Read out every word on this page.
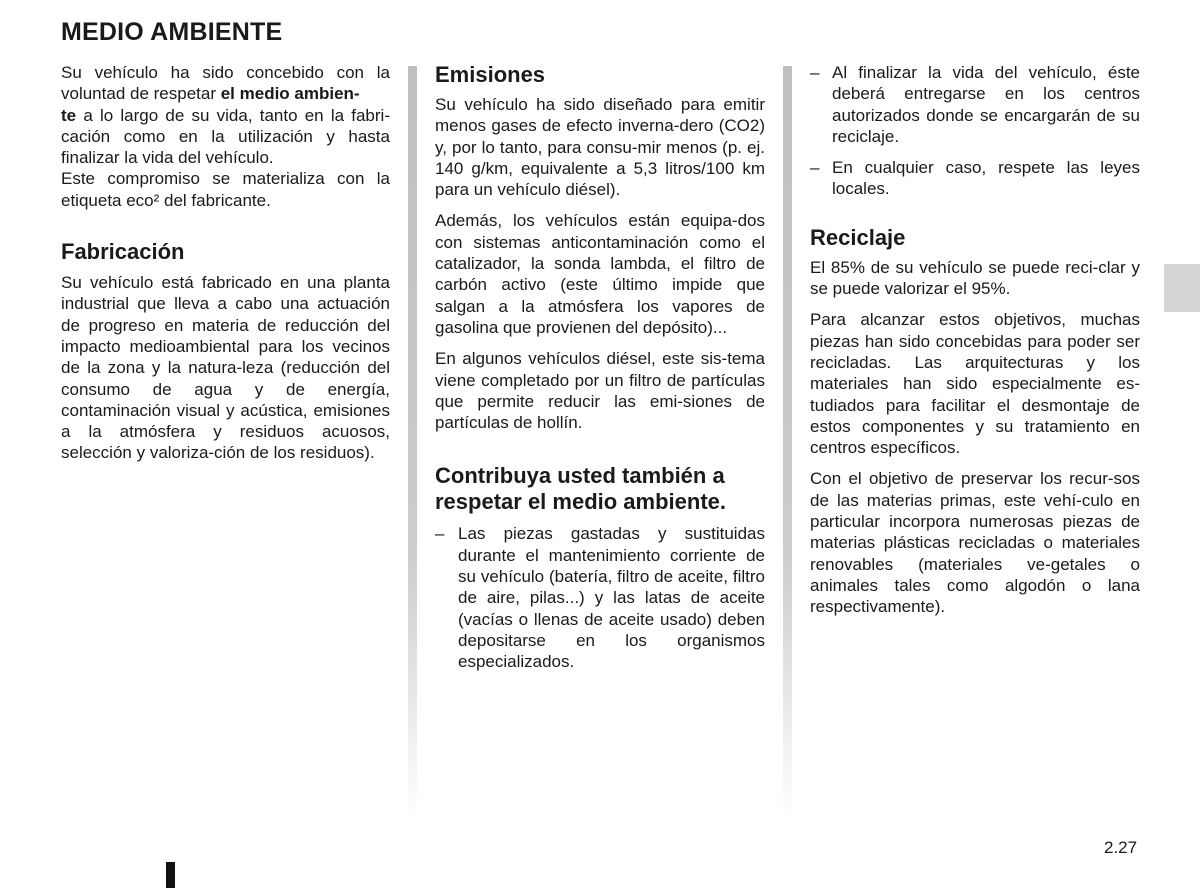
MEDIO AMBIENTE

Su vehículo ha sido concebido con la voluntad de respetar el medio ambien-
te a lo largo de su vida, tanto en la fabri-cación como en la utilización y hasta finalizar la vida del vehículo.

Este compromiso se materializa con la etiqueta eco² del fabricante.

Fabricación

Su vehículo está fabricado en una planta industrial que lleva a cabo una actuación de progreso en materia de reducción del impacto medioambiental para los vecinos de la zona y la natura-leza (reducción del consumo de agua y de energía, contaminación visual y acústica, emisiones a la atmósfera y residuos acuosos, selección y valoriza-ción de los residuos).

Emisiones

Su vehículo ha sido diseñado para emitir menos gases de efecto inverna-dero (CO2) y, por lo tanto, para consu-mir menos (p. ej. 140 g/km, equivalente a 5,3 litros/100 km para un vehículo diésel).

Además, los vehículos están equipa-dos con sistemas anticontaminación como el catalizador, la sonda lambda, el filtro de carbón activo (este último impide que salgan a la atmósfera los vapores de gasolina que provienen del depósito)...

En algunos vehículos diésel, este sis-tema viene completado por un filtro de partículas que permite reducir las emi-siones de partículas de hollín.

Contribuya usted también a
respetar el medio ambiente.
– Las piezas gastadas y sustituidas durante el mantenimiento corriente de su vehículo (batería, filtro de aceite, filtro de aire, pilas...) y las latas de aceite (vacías o llenas de aceite usado) deben depositarse en los organismos especializados.
– Al finalizar la vida del vehículo, éste deberá entregarse en los centros autorizados donde se encargarán de su reciclaje.
– En cualquier caso, respete las leyes locales.
Reciclaje

El 85% de su vehículo se puede reci-clar y se puede valorizar el 95%.

Para alcanzar estos objetivos, muchas piezas han sido concebidas para poder ser recicladas. Las arquitecturas y los materiales han sido especialmente es-tudiados para facilitar el desmontaje de estos componentes y su tratamiento en centros específicos.

Con el objetivo de preservar los recur-sos de las materias primas, este vehí-culo en particular incorpora numerosas piezas de materias plásticas recicladas o materiales renovables (materiales ve-getales o animales tales como algodón o lana respectivamente).

2.27
